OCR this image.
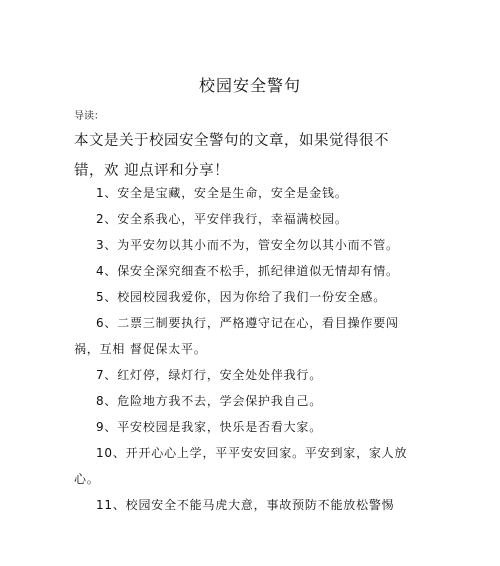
校园安全警句
导读：
本文是关于校园安全警句的文章，如果觉得很不错，欢 迎点评和分享！
1、安全是宝藏，安全是生命，安全是金钱。
2、安全系我心，平安伴我行，幸福满校园。
3、为平安勿以其小而不为，管安全勿以其小而不管。
4、保安全深究细查不松手，抓纪律道似无情却有情。
5、校园校园我爱你，因为你给了我们一份安全感。
6、二票三制要执行，严格遵守记在心，看目操作要闯祸，互相 督促保太平。
7、红灯停，绿灯行，安全处处伴我行。
8、危险地方我不去，学会保护我自己。
9、平安校园是我家，快乐是否看大家。
10、开开心心上学，平平安安回家。平安到家，家人放心。
11、校园安全不能马虎大意，事故预防不能放松警惕
